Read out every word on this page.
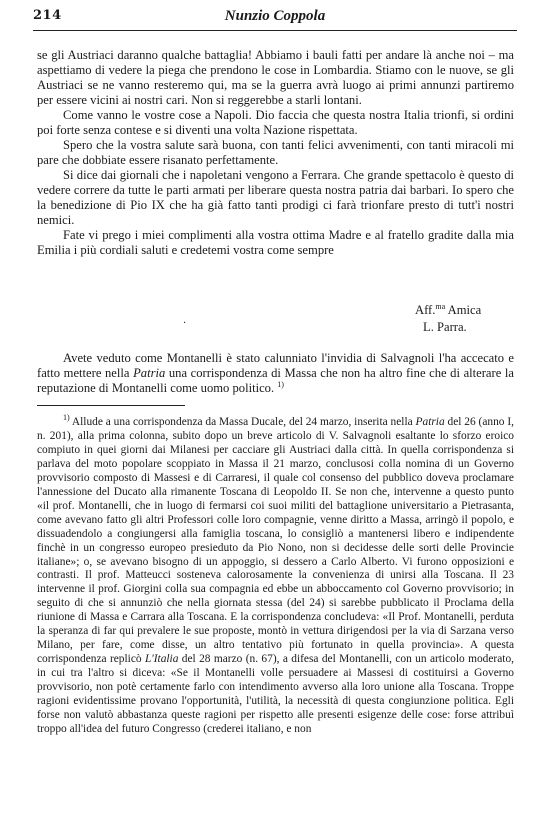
214	Nunzio Coppola

se gli Austriaci daranno qualche battaglia! Abbiamo i bauli fatti per andare là anche noi – ma aspettiamo di vedere la piega che prendono le cose in Lombardia. Stiamo con le nuove, se gli Austriaci se ne vanno resteremo qui, ma se la guerra avrà luogo ai primi annunzi partiremo per essere vicini ai nostri cari. Non si reggerebbe a starli lontani.

Come vanno le vostre cose a Napoli. Dio faccia che questa nostra Italia trionfi, si ordini poi forte senza contese e si diventi una volta Nazione rispettata.

Spero che la vostra salute sarà buona, con tanti felici avvenimenti, con tanti miracoli mi pare che dobbiate essere risanato perfettamente.

Si dice dai giornali che i napoletani vengono a Ferrara. Che grande spettacolo è questo di vedere correre da tutte le parti armati per liberare questa nostra patria dai barbari. Io spero che la benedizione di Pio IX che ha già fatto tanti prodigi ci farà trionfare presto di tutt'i nostri nemici.

Fate vi prego i miei complimenti alla vostra ottima Madre e al fratello gradite dalla mia Emilia i più cordiali saluti e credetemi vostra come sempre

Aff.$^{ma}$ Amica
L. Parra.
·

Avete veduto come Montanelli è stato calunniato l'invidia di Salvagnoli l'ha accecato e fatto mettere nella Patria una corrispondenza di Massa che non ha altro fine che di alterare la reputazione di Montanelli come uomo politico. $^{1)}$

$^{1)}$ Allude a una corrispondenza da Massa Ducale, del 24 marzo, inserita nella Patria del 26 (anno I, n. 201), alla prima colonna, subito dopo un breve articolo di V. Salvagnoli esaltante lo sforzo eroico compiuto in quei giorni dai Milanesi per cacciare gli Austriaci dalla città. In quella corrispondenza si parlava del moto popolare scoppiato in Massa il 21 marzo, conclusosi colla nomina di un Governo provvisorio composto di Massesi e di Carraresi, il quale col consenso del pubblico doveva proclamare l'annessione del Ducato alla rimanente Toscana di Leopoldo II. Se non che, intervenne a questo punto «il prof. Montanelli, che in luogo di fermarsi coi suoi militi del battaglione universitario a Pietrasanta, come avevano fatto gli altri Professori colle loro compagnie, venne diritto a Massa, arringò il popolo, e dissuadendolo a congiungersi alla famiglia toscana, lo consigliò a mantenersi libero e indipendente finchè in un congresso europeo presieduto da Pio Nono, non si decidesse delle sorti delle Provincie italiane»; o, se avevano bisogno di un appoggio, si dessero a Carlo Alberto. Vi furono opposizioni e contrasti. Il prof. Matteucci sosteneva calorosamente la convenienza di unirsi alla Toscana. Il 23 intervenne il prof. Giorgini colla sua compagnia ed ebbe un abboccamento col Governo provvisorio; in seguito di che si annunziò che nella giornata stessa (del 24) si sarebbe pubblicato il Proclama della riunione di Massa e Carrara alla Toscana. E la corrispondenza concludeva: «Il Prof. Montanelli, perduta la speranza di far qui prevalere le sue proposte, montò in vettura dirigendosi per la via di Sarzana verso Milano, per fare, come disse, un altro tentativo più fortunato in quella provincia». A questa corrispondenza replicò L'Italia del 28 marzo (n. 67), a difesa del Montanelli, con un articolo moderato, in cui tra l'altro si diceva: «Se il Montanelli volle persuadere ai Massesi di costituirsi a Governo provvisorio, non potè certamente farlo con intendimento avverso alla loro unione alla Toscana. Troppe ragioni evidentissime provano l'opportunità, l'utilità, la necessità di questa congiunzione politica. Egli forse non valutò abbastanza queste ragioni per rispetto alle presenti esigenze delle cose: forse attribuì troppo all'idea del futuro Congresso (crederei italiano, e non
